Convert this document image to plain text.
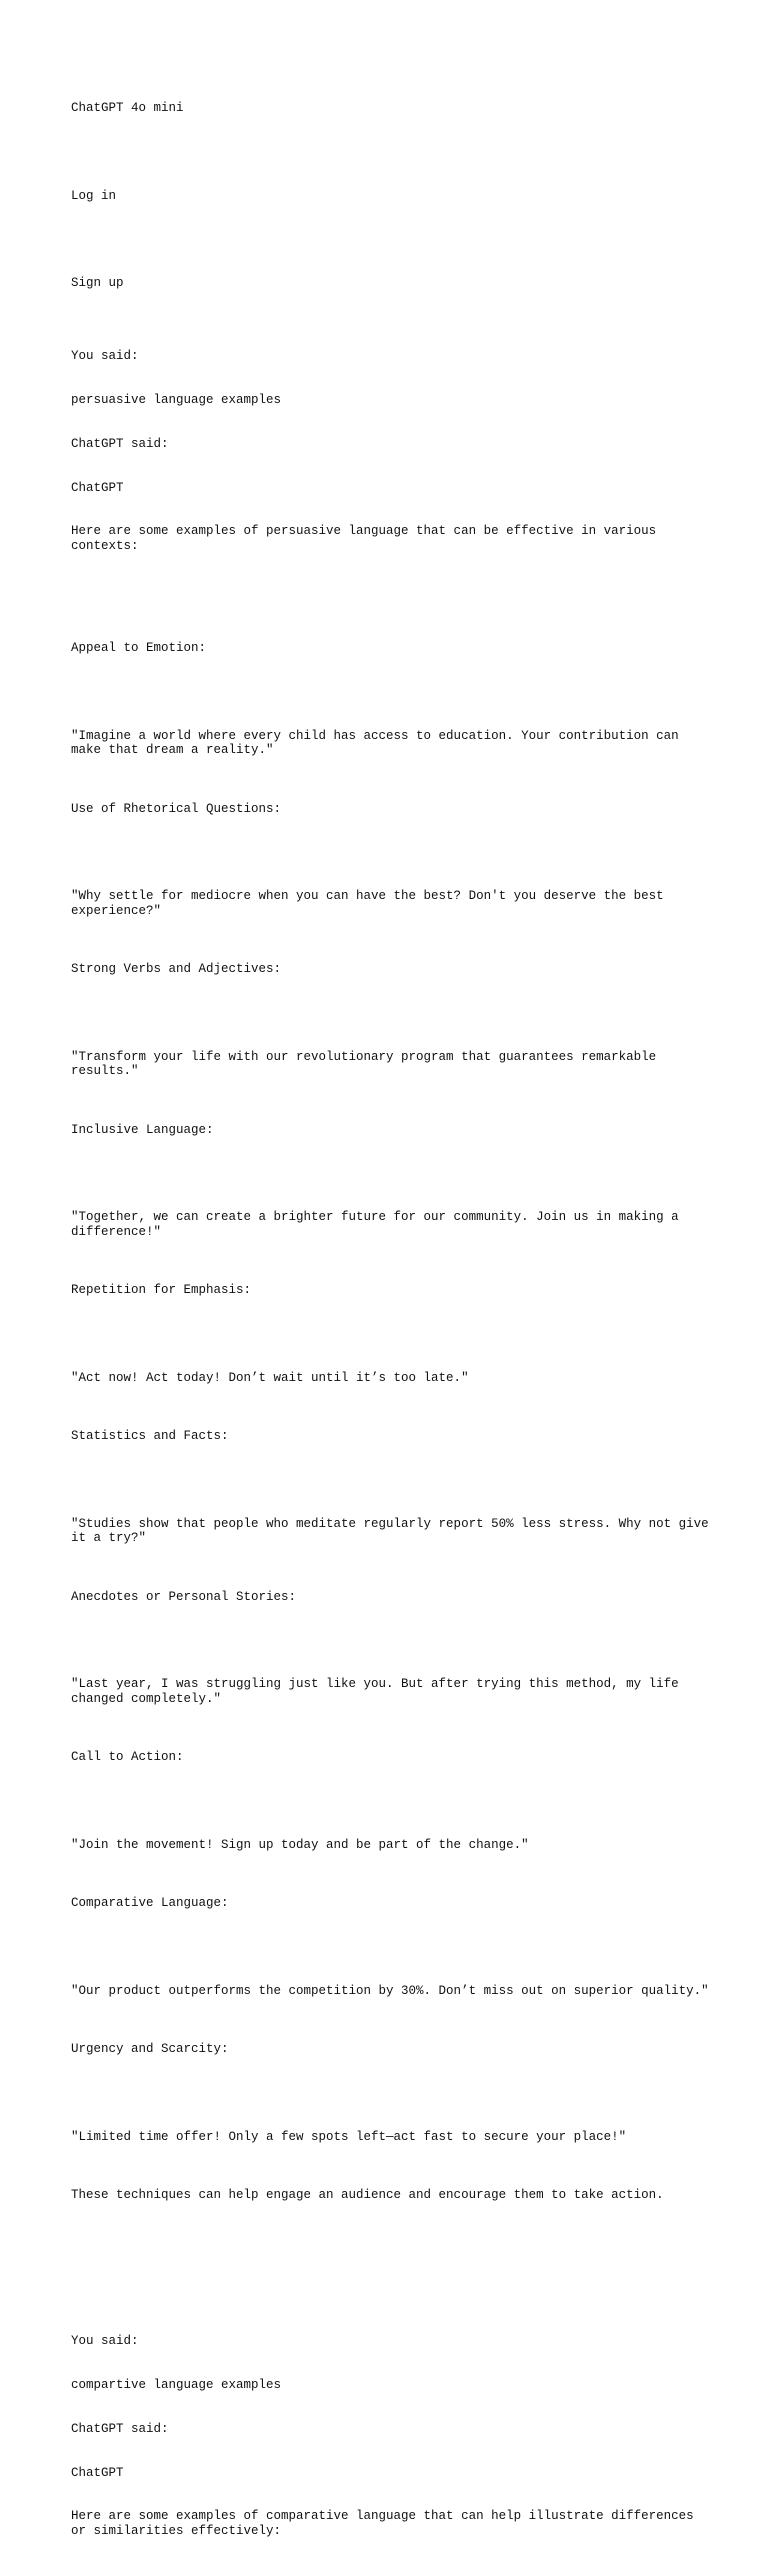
ChatGPT 4o mini

Log in

Sign up

You said:

persuasive language examples

ChatGPT said:

ChatGPT

Here are some examples of persuasive language that can be effective in various contexts:

Appeal to Emotion:

"Imagine a world where every child has access to education. Your contribution can make that dream a reality."

Use of Rhetorical Questions:

"Why settle for mediocre when you can have the best? Don't you deserve the best experience?"

Strong Verbs and Adjectives:

"Transform your life with our revolutionary program that guarantees remarkable results."

Inclusive Language:

"Together, we can create a brighter future for our community. Join us in making a difference!"

Repetition for Emphasis:

"Act now! Act today! Don’t wait until it’s too late."

Statistics and Facts:

"Studies show that people who meditate regularly report 50% less stress. Why not give it a try?"

Anecdotes or Personal Stories:

"Last year, I was struggling just like you. But after trying this method, my life changed completely."

Call to Action:

"Join the movement! Sign up today and be part of the change."

Comparative Language:

"Our product outperforms the competition by 30%. Don’t miss out on superior quality."

Urgency and Scarcity:

"Limited time offer! Only a few spots left—act fast to secure your place!"

These techniques can help engage an audience and encourage them to take action.

You said:

compartive language examples

ChatGPT said:

ChatGPT

Here are some examples of comparative language that can help illustrate differences or similarities effectively:
